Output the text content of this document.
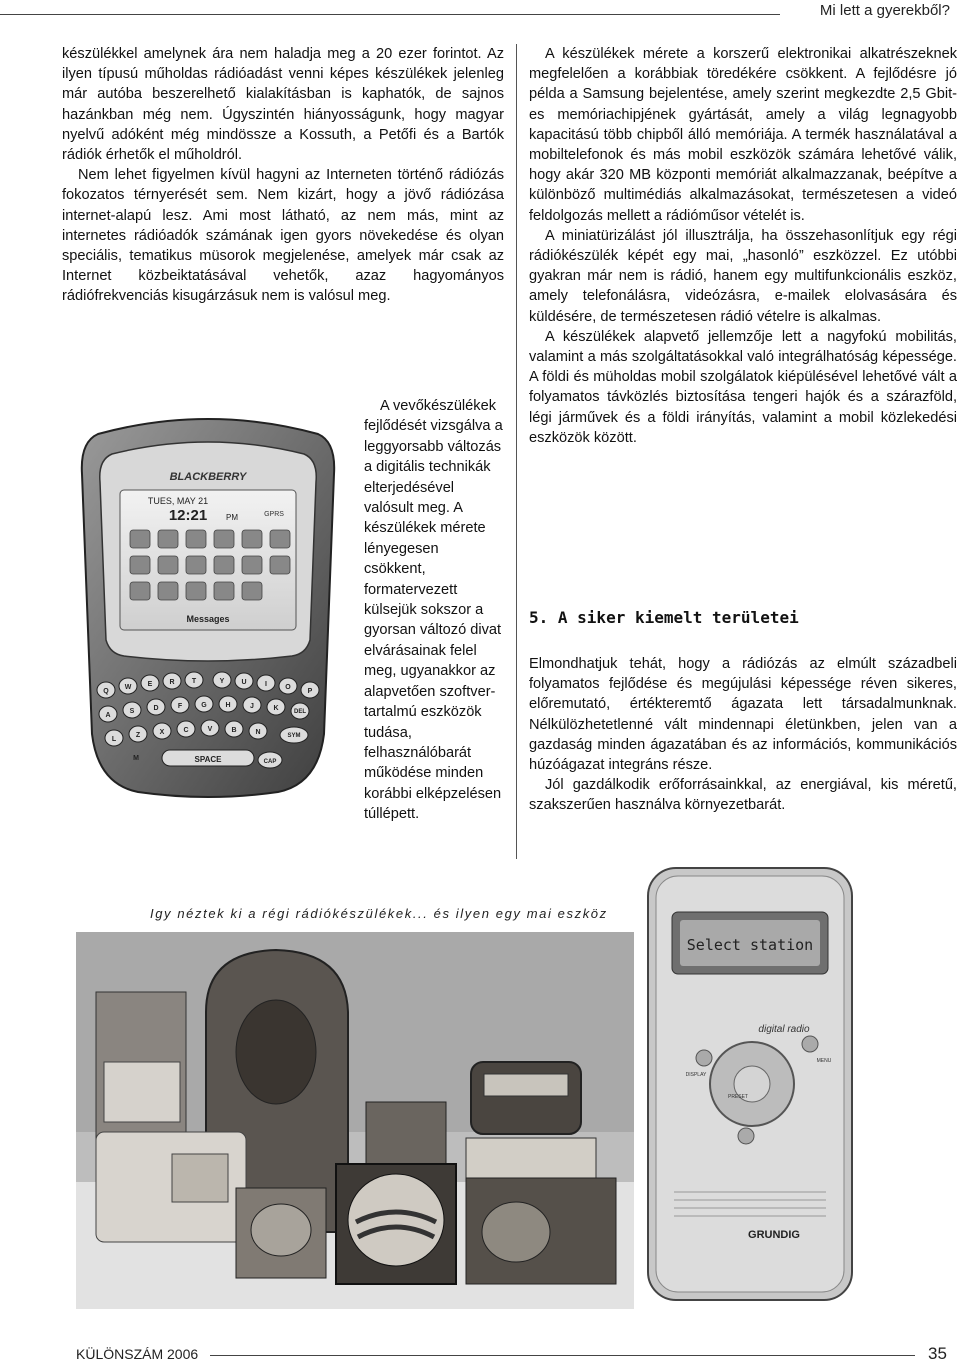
Mi lett a gyerekből?

készülékkel amelynek ára nem haladja meg a 20 ezer forintot. Az ilyen típusú műholdas rádióadást venni képes készülékek jelenleg már autóba beszerelhető kialakításban is kaphatók, de sajnos hazánkban még nem. Úgyszintén hiányosságunk, hogy magyar nyelvű adóként még mindössze a Kossuth, a Petőfi és a Bartók rádiók érhetők el műholdról.

Nem lehet figyelmen kívül hagyni az Interneten történő rádiózás fokozatos térnyerését sem. Nem kizárt, hogy a jövő rádiózása internet-alapú lesz. Ami most látható, az nem más, mint az internetes rádióadók számának igen gyors növekedése és olyan speciális, tematikus müsorok megjelenése, amelyek már csak az Internet közbeiktatásával vehetők, azaz hagyományos rádiófrekvenciás kisugárzásuk nem is valósul meg.

BLACKBERRY
TUES, MAY 21
12:21 PM	GPRS
Messages
SPACE	CAP
DEL
SYM
Q
W E R T	Y U	I	O
P
A
S	D	F	G	H	J	K
L
Z	X	C	V	B	N
M

A vevőkészülékek fejlődését vizsgálva a leggyorsabb változás a digitális technikák elterjedésével valósult meg. A készülékek mérete lényegesen csökkent, formatervezett külsejük sokszor a gyorsan változó divat elvárásainak felel meg, ugyanakkor az alapvetően szoftver-tartalmú eszközök tudása, felhasználóbarát működése minden korábbi elképzelésen túllépett.

A készülékek mérete a korszerű elektronikai alkatrészeknek megfelelően a korábbiak töredékére csökkent. A fejlődésre jó példa a Samsung bejelentése, amely szerint megkezdte 2,5 Gbit-es memóriachipjének gyártását, amely a világ legnagyobb kapacitású több chipből álló memóriája. A termék használatával a mobiltelefonok és más mobil eszközök számára lehetővé válik, hogy akár 320 MB központi memóriát alkalmazzanak, beépítve a különböző multimédiás alkalmazásokat, természetesen a videó feldolgozás mellett a rádióműsor vételét is.

A miniatürizálást jól illusztrálja, ha összehasonlítjuk egy régi rádiókészülék képét egy mai, „hasonló” eszközzel. Ez utóbbi gyakran már nem is rádió, hanem egy multifunkcionális eszköz, amely telefonálásra, videózásra, e-mailek elolvasására és küldésére, de természetesen rádió vételre is alkalmas.

A készülékek alapvető jellemzője lett a nagyfokú mobilitás, valamint a más szolgáltatásokkal való integrálhatóság képessége. A földi és müholdas mobil szolgálatok kiépülésével lehetővé vált a folyamatos távközlés biztosítása tengeri hajók és a szárazföld, légi járművek és a földi irányítás, valamint a mobil közlekedési eszközök között.

5. A siker kiemelt területei

Elmondhatjuk tehát, hogy a rádiózás az elmúlt századbeli folyamatos fejlődése és megújulási képessége réven sikeres, előremutató, értékteremtő ágazata lett társadalmunknak. Nélkülözhetetlenné vált mindennapi életünkben, jelen van a gazdaság minden ágazatában és az információs, kommunikációs húzóágazat integráns része.

Jól gazdálkodik erőforrásainkkal, az energiával, kis méretű, szakszerűen használva környezetbarát.

Igy néztek ki a régi rádiókészülékek... és ilyen egy mai eszköz
Select station
digital radio
DISPLAY
MENU
PRESET
GRUNDIG
KÜLÖNSZÁM 2006	35
